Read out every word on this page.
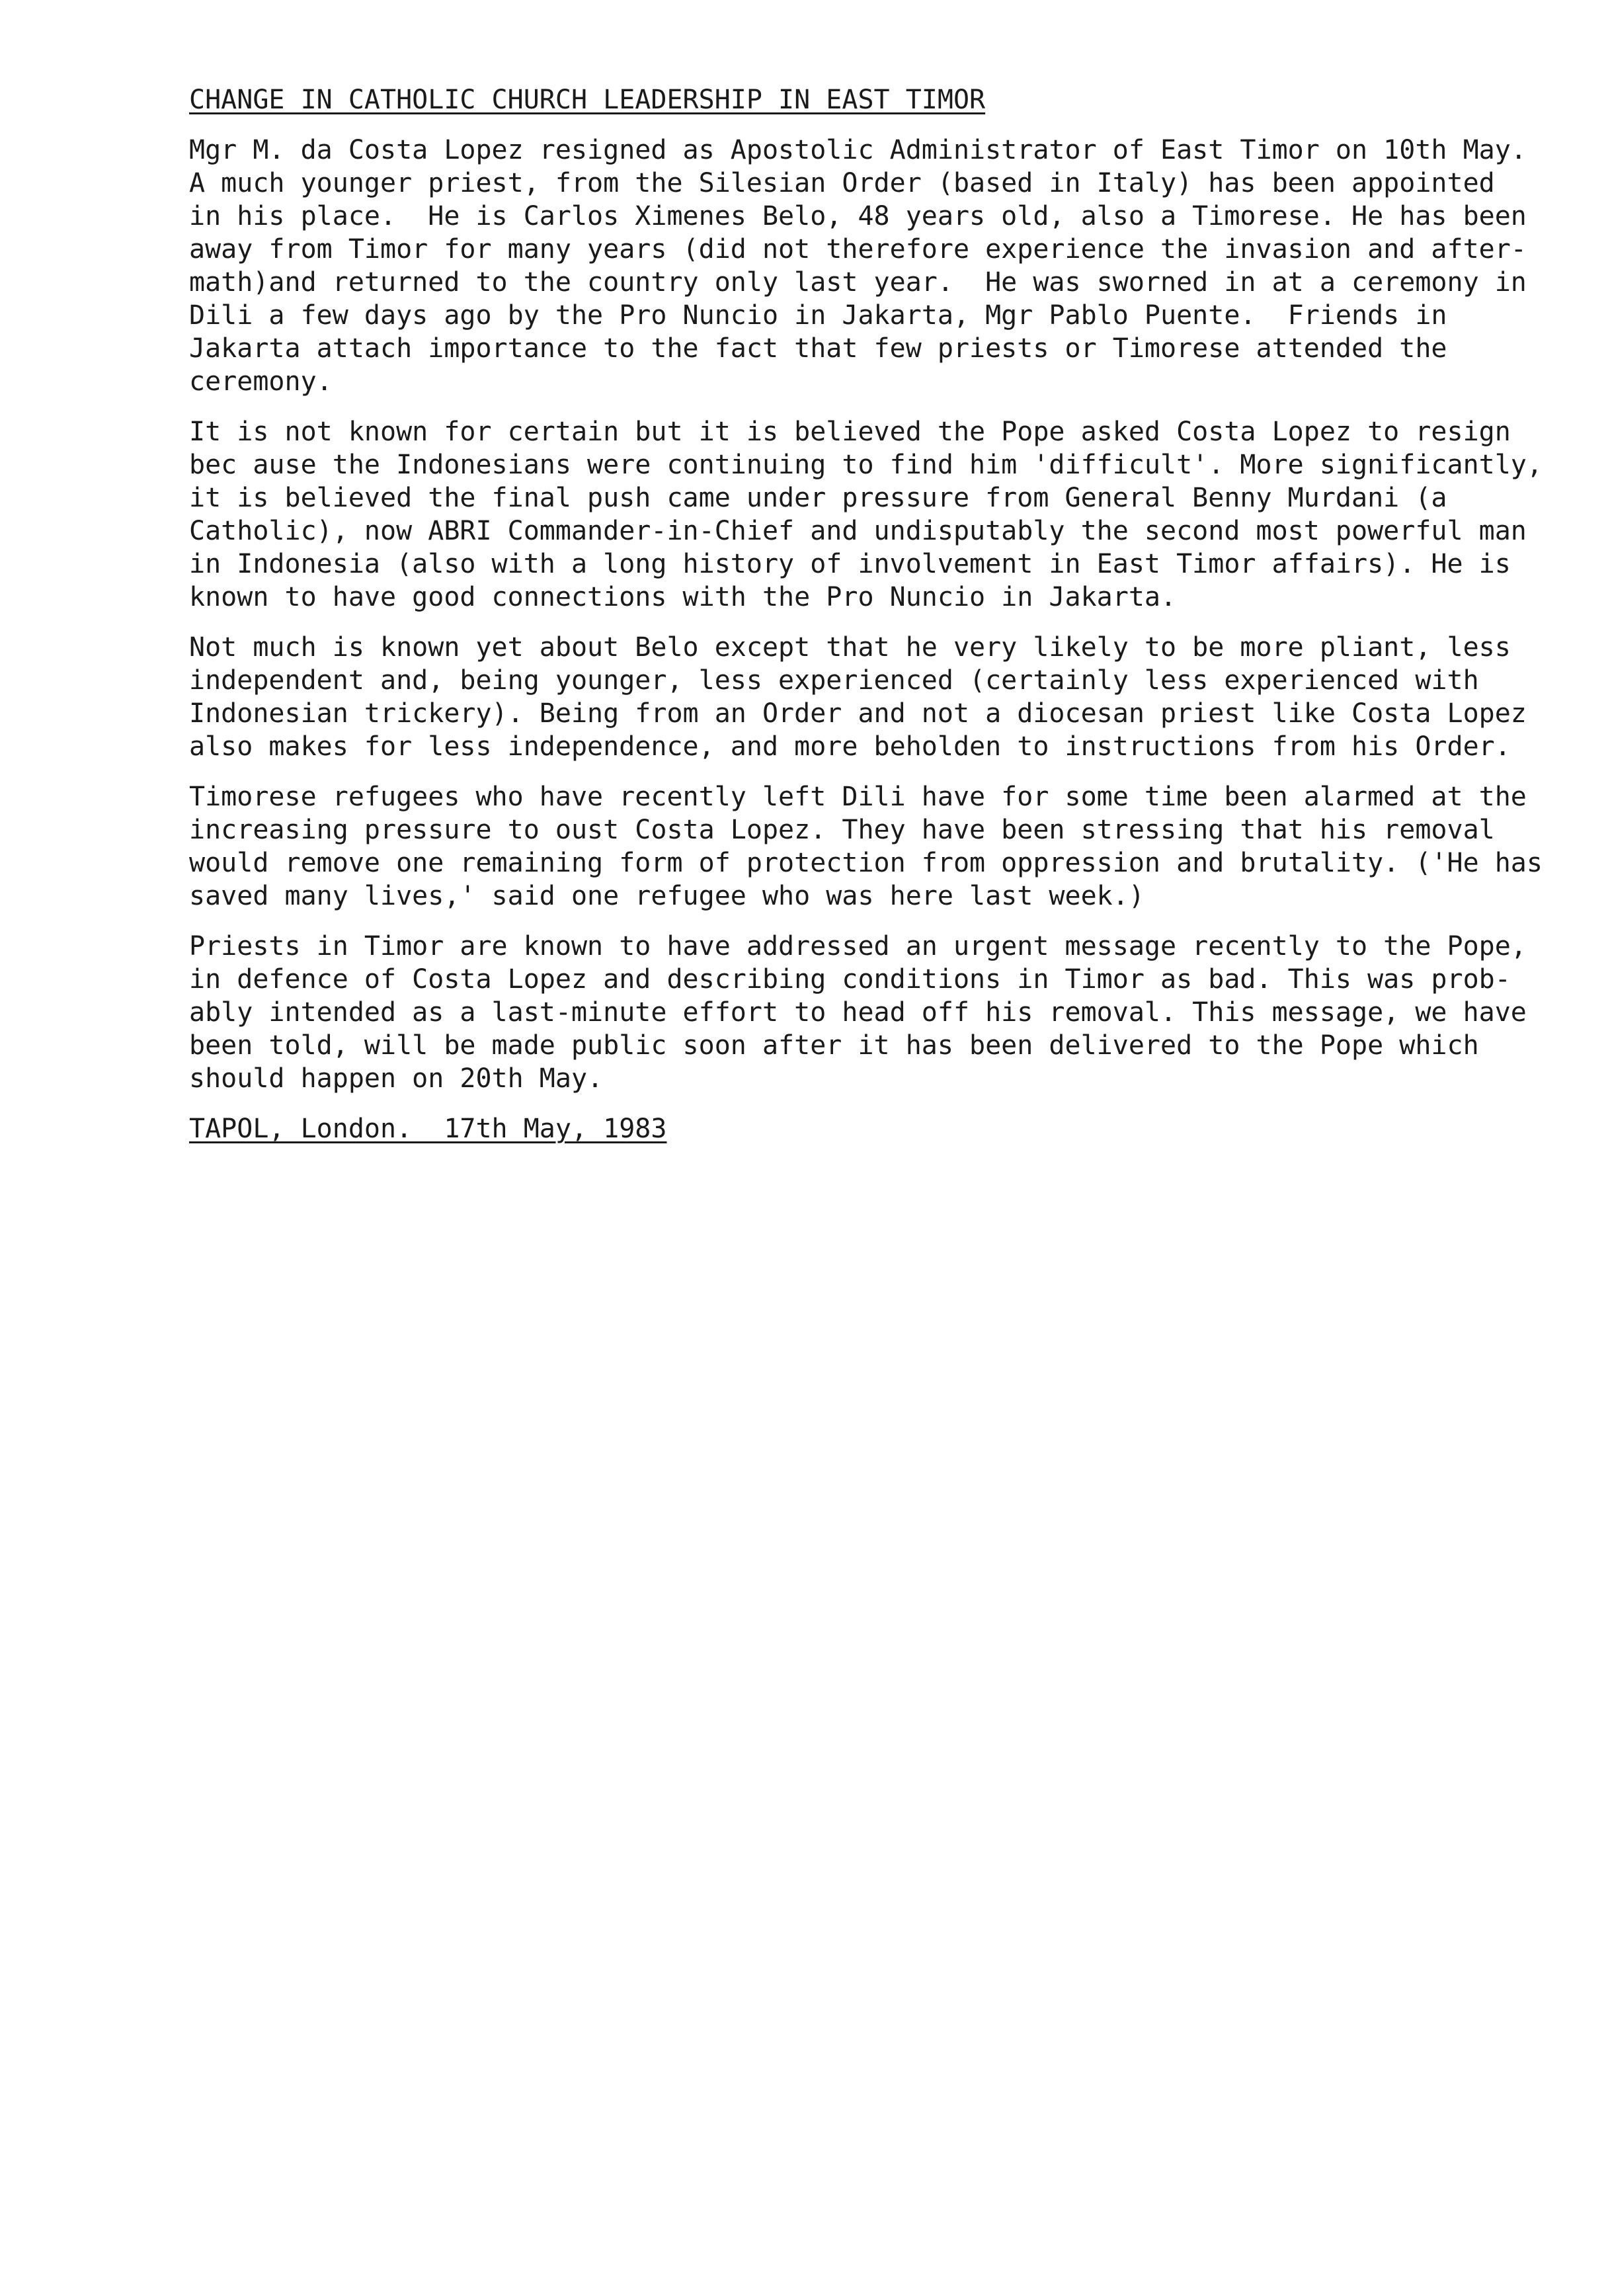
CHANGE IN CATHOLIC CHURCH LEADERSHIP IN EAST TIMOR
Mgr M. da Costa Lopez resigned as Apostolic Administrator of East Timor on 10th May.
A much younger priest, from the Silesian Order (based in Italy) has been appointed
in his place.  He is Carlos Ximenes Belo, 48 years old, also a Timorese. He has been
away from Timor for many years (did not therefore experience the invasion and after-
math)and returned to the country only last year.  He was sworned in at a ceremony in
Dili a few days ago by the Pro Nuncio in Jakarta, Mgr Pablo Puente.  Friends in
Jakarta attach importance to the fact that few priests or Timorese attended the
ceremony.
It is not known for certain but it is believed the Pope asked Costa Lopez to resign
bec ause the Indonesians were continuing to find him 'difficult'. More significantly,
it is believed the final push came under pressure from General Benny Murdani (a
Catholic), now ABRI Commander-in-Chief and undisputably the second most powerful man
in Indonesia (also with a long history of involvement in East Timor affairs). He is
known to have good connections with the Pro Nuncio in Jakarta.
Not much is known yet about Belo except that he very likely to be more pliant, less
independent and, being younger, less experienced (certainly less experienced with
Indonesian trickery). Being from an Order and not a diocesan priest like Costa Lopez
also makes for less independence, and more beholden to instructions from his Order.
Timorese refugees who have recently left Dili have for some time been alarmed at the
increasing pressure to oust Costa Lopez. They have been stressing that his removal
would remove one remaining form of protection from oppression and brutality. ('He has
saved many lives,' said one refugee who was here last week.)
Priests in Timor are known to have addressed an urgent message recently to the Pope,
in defence of Costa Lopez and describing conditions in Timor as bad. This was prob-
ably intended as a last-minute effort to head off his removal. This message, we have
been told, will be made public soon after it has been delivered to the Pope which
should happen on 20th May.
TAPOL, London.  17th May, 1983
